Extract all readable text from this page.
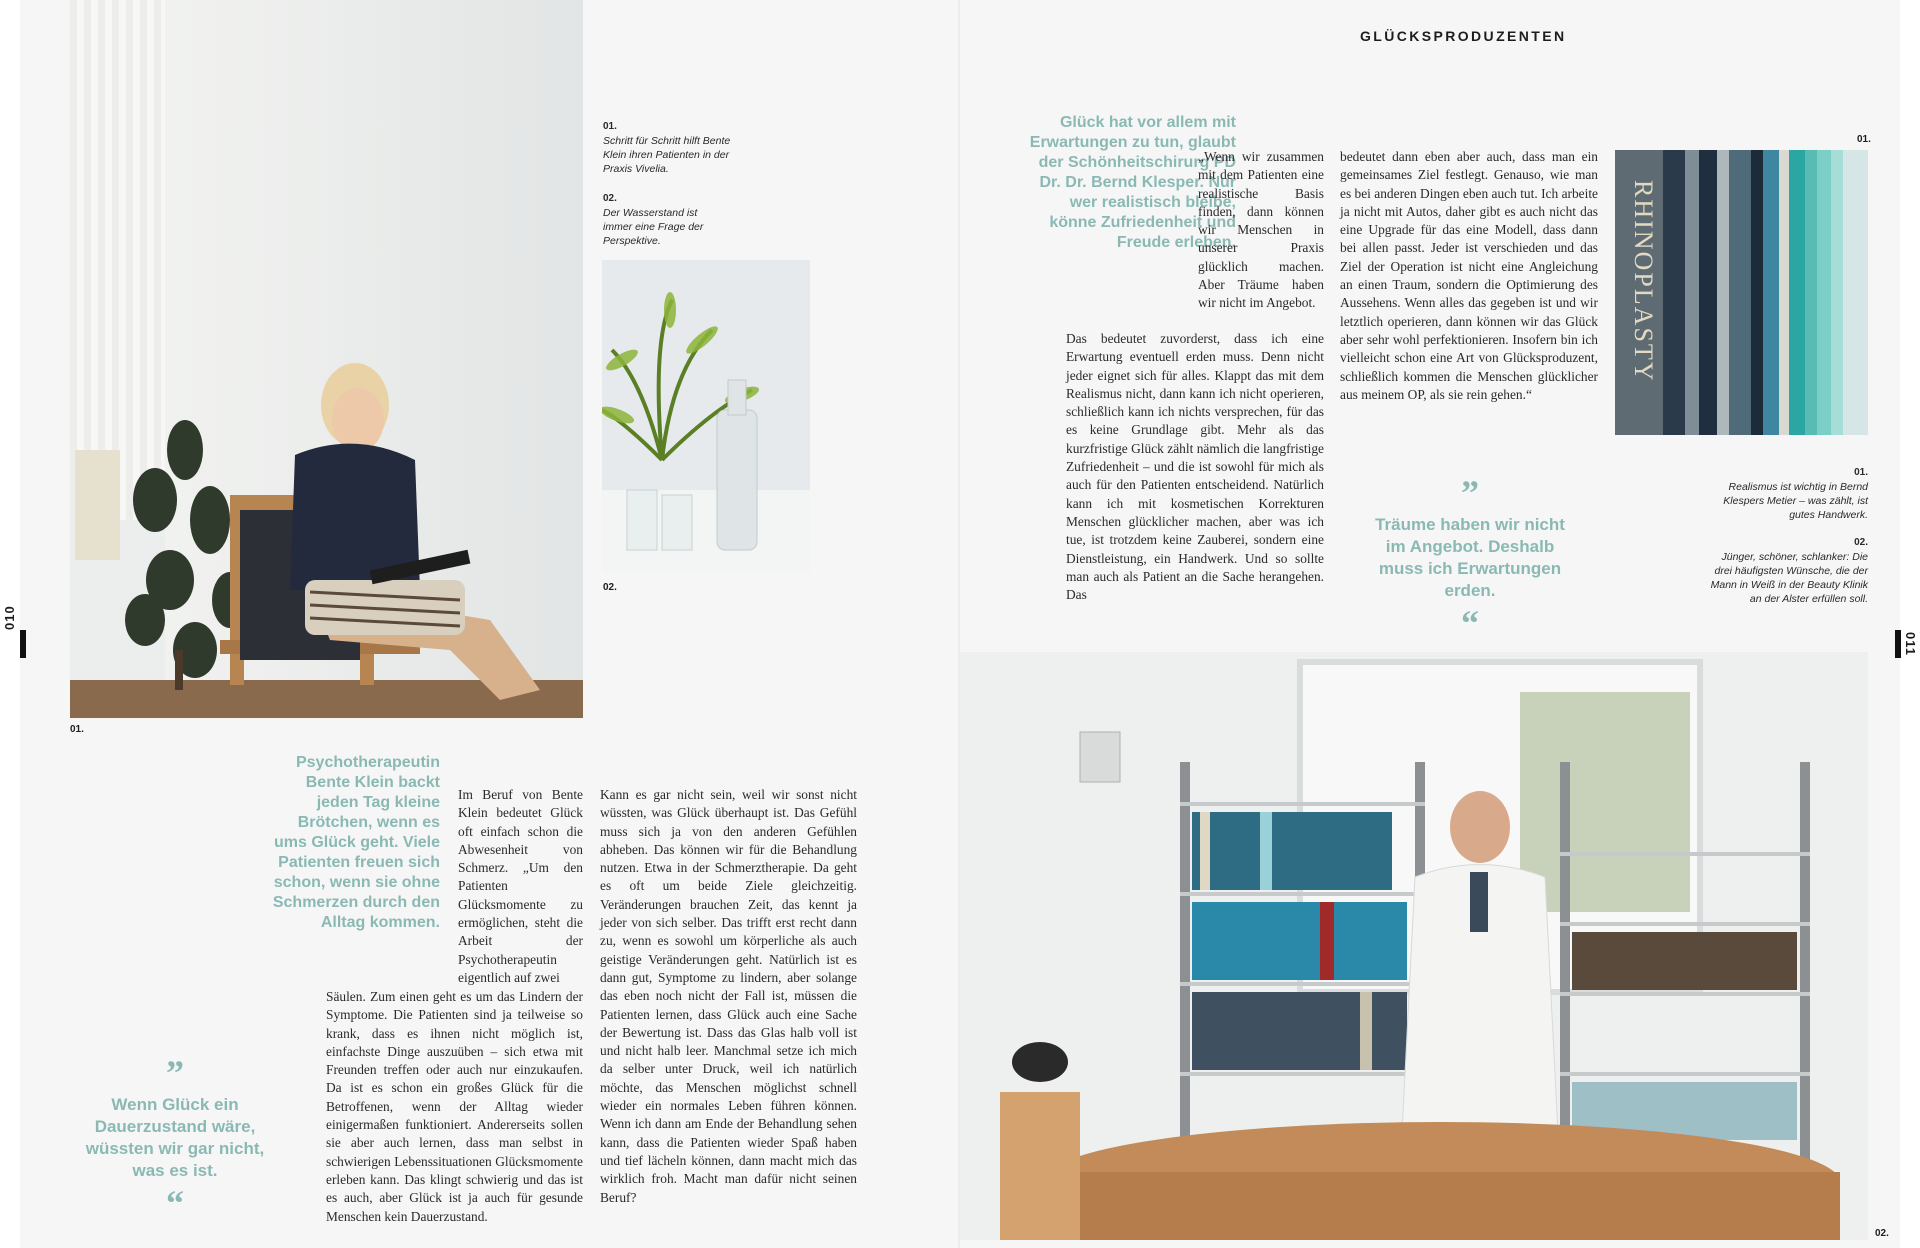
01.
01.
Schritt für Schritt hilft Bente Klein ihren Patienten in der Praxis Vivelia.
02.
Der Wasserstand ist immer eine Frage der Perspektive.
02.
Psychotherapeutin Bente Klein backt jeden Tag kleine Brötchen, wenn es ums Glück geht. Viele Patienten freuen sich schon, wenn sie ohne Schmerzen durch den Alltag kommen.
Im Beruf von Bente Klein bedeutet Glück oft einfach schon die Abwesenheit von Schmerz. „Um den Patienten Glücksmomente zu ermöglichen, steht die Arbeit der Psychotherapeutin eigentlich auf zwei
Säulen. Zum einen geht es um das Lindern der Symptome. Die Patienten sind ja teilweise so krank, dass es ihnen nicht möglich ist, einfachste Dinge auszuüben – sich etwa mit Freunden treffen oder auch nur einzukaufen. Da ist es schon ein großes Glück für die Betroffenen, wenn der Alltag wieder einigermaßen funktioniert. Andererseits sollen sie aber auch lernen, dass man selbst in schwierigen Lebenssituationen Glücksmomente erleben kann. Das klingt schwierig und das ist es auch, aber Glück ist ja auch für gesunde Menschen kein Dauerzustand.
Kann es gar nicht sein, weil wir sonst nicht wüssten, was Glück überhaupt ist. Das Gefühl muss sich ja von den anderen Gefühlen abheben. Das können wir für die Behandlung nutzen. Etwa in der Schmerztherapie. Da geht es oft um beide Ziele gleichzeitig. Veränderungen brauchen Zeit, das kennt ja jeder von sich selber. Das trifft erst recht dann zu, wenn es sowohl um körperliche als auch geistige Veränderungen geht. Natürlich ist es dann gut, Symptome zu lindern, aber solange das eben noch nicht der Fall ist, müssen die Patienten lernen, dass Glück auch eine Sache der Bewertung ist. Dass das Glas halb voll ist und nicht halb leer. Manchmal setze ich mich da selber unter Druck, weil ich natürlich möchte, das Menschen möglichst schnell wieder ein normales Leben führen können. Wenn ich dann am Ende der Behandlung sehen kann, dass die Patienten wieder Spaß haben und tief lächeln können, dann macht mich das wirklich froh. Macht man dafür nicht seinen Beruf?
”
Wenn Glück ein Dauerzustand wäre, wüssten wir gar nicht, was es ist.
“
010
GLÜCKSPRODUZENTEN
Glück hat vor allem mit Erwartungen zu tun, glaubt der Schönheitschirurg PD Dr. Dr. Bernd Klesper. Nur wer realistisch bleibe, könne Zufriedenheit und Freude erleben.
„Wenn wir zusammen mit dem Patienten eine realistische Basis finden, dann können wir Menschen in unserer Praxis glücklich machen. Aber Träume haben wir nicht im Angebot.
Das bedeutet zuvorderst, dass ich eine Erwartung eventuell erden muss. Denn nicht jeder eignet sich für alles. Klappt das mit dem Realismus nicht, dann kann ich nicht operieren, schließlich kann ich nichts versprechen, für das es keine Grundlage gibt. Mehr als das kurzfristige Glück zählt nämlich die langfristige Zufriedenheit – und die ist sowohl für mich als auch für den Patienten entscheidend. Natürlich kann ich mit kosmetischen Korrekturen Menschen glücklicher machen, aber was ich tue, ist trotzdem keine Zauberei, sondern eine Dienstleistung, ein Handwerk. Und so sollte man auch als Patient an die Sache herangehen. Das
bedeutet dann eben aber auch, dass man ein gemeinsames Ziel festlegt. Genauso, wie man es bei anderen Dingen eben auch tut. Ich arbeite ja nicht mit Autos, daher gibt es auch nicht das eine Upgrade für das eine Modell, dass dann bei allen passt. Jeder ist verschieden und das Ziel der Operation ist nicht eine Angleichung an einen Traum, sondern die Optimierung des Aussehens. Wenn alles das gegeben ist und wir letztlich operieren, dann können wir das Glück aber sehr wohl perfektionieren. Insofern bin ich vielleicht schon eine Art von Glücksproduzent, schließlich kommen die Menschen glücklicher aus meinem OP, als sie rein gehen.“
”
Träume haben wir nicht im Angebot. Deshalb muss ich Erwartungen erden.
“
01.
RHINOPLASTY
01.
Realismus ist wichtig in Bernd Klespers Metier – was zählt, ist gutes Handwerk.
02.
Jünger, schöner, schlanker: Die drei häufigsten Wünsche, die der Mann in Weiß in der Beauty Klinik an der Alster erfüllen soll.
02.
011
